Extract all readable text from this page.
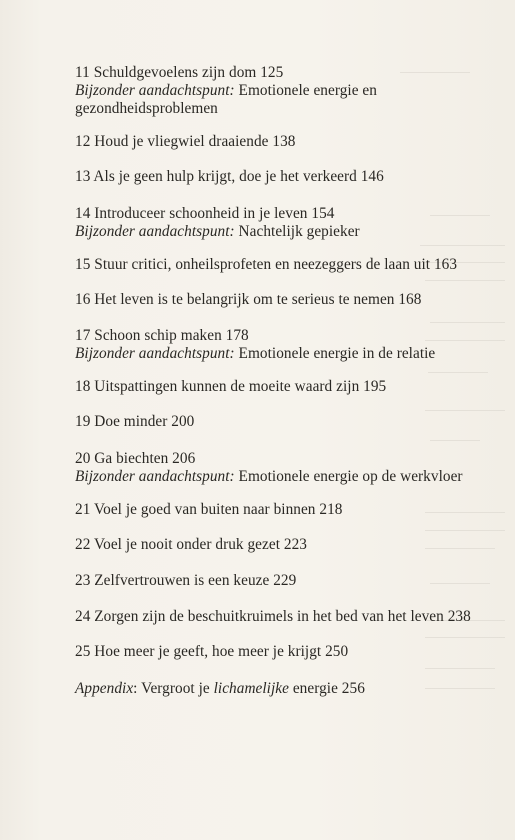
11 Schuldgevoelens zijn dom 125
Bijzonder aandachtspunt: Emotionele energie en
gezondheidsproblemen
12 Houd je vliegwiel draaiende 138
13 Als je geen hulp krijgt, doe je het verkeerd 146
14 Introduceer schoonheid in je leven 154
Bijzonder aandachtspunt: Nachtelijk gepieker
15 Stuur critici, onheilsprofeten en neezeggers de laan uit 163
16 Het leven is te belangrijk om te serieus te nemen 168
17 Schoon schip maken 178
Bijzonder aandachtspunt: Emotionele energie in de relatie
18 Uitspattingen kunnen de moeite waard zijn 195
19 Doe minder 200
20 Ga biechten 206
Bijzonder aandachtspunt: Emotionele energie op de werkvloer
21 Voel je goed van buiten naar binnen 218
22 Voel je nooit onder druk gezet 223
23 Zelfvertrouwen is een keuze 229
24 Zorgen zijn de beschuitkruimels in het bed van het leven 238
25 Hoe meer je geeft, hoe meer je krijgt 250
Appendix: Vergroot je lichamelijke energie 256
